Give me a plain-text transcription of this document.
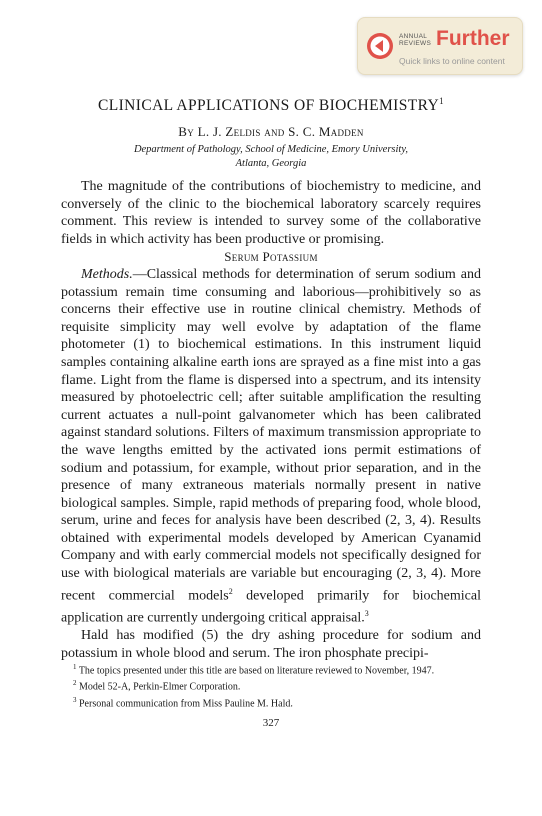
ANNUAL
REVIEWS Further
Quick links to online content
CLINICAL APPLICATIONS OF BIOCHEMISTRY$^1$
By L. J. Zeldis and S. C. Madden
Department of Pathology, School of Medicine, Emory University,
Atlanta, Georgia

The magnitude of the contributions of biochemistry to medicine, and conversely of the clinic to the biochemical laboratory scarcely requires comment. This review is intended to survey some of the collaborative fields in which activity has been productive or promising.

Serum Potassium

Methods.—Classical methods for determination of serum sodium and potassium remain time consuming and laborious—prohibitively so as concerns their effective use in routine clinical chemistry. Methods of requisite simplicity may well evolve by adaptation of the flame photometer (1) to biochemical estimations. In this instrument liquid samples containing alkaline earth ions are sprayed as a fine mist into a gas flame. Light from the flame is dispersed into a spectrum, and its intensity measured by photoelectric cell; after suitable amplification the resulting current actuates a null-point galvanometer which has been calibrated against standard solutions. Filters of maximum transmission appropriate to the wave lengths emitted by the activated ions permit estimations of sodium and potassium, for example, without prior separation, and in the presence of many extraneous materials normally present in native biological samples. Simple, rapid methods of preparing food, whole blood, serum, urine and feces for analysis have been described (2, 3, 4). Results obtained with experimental models developed by American Cyanamid Company and with early commercial models not specifically designed for use with biological materials are variable but encouraging (2, 3, 4). More recent commercial models$^2$ developed primarily for biochemical application are currently undergoing critical appraisal.$^3$

Hald has modified (5) the dry ashing procedure for sodium and potassium in whole blood and serum. The iron phosphate precipi-

$^1$ The topics presented under this title are based on literature reviewed to November, 1947.

$^2$ Model 52-A, Perkin-Elmer Corporation.

$^3$ Personal communication from Miss Pauline M. Hald.

327
